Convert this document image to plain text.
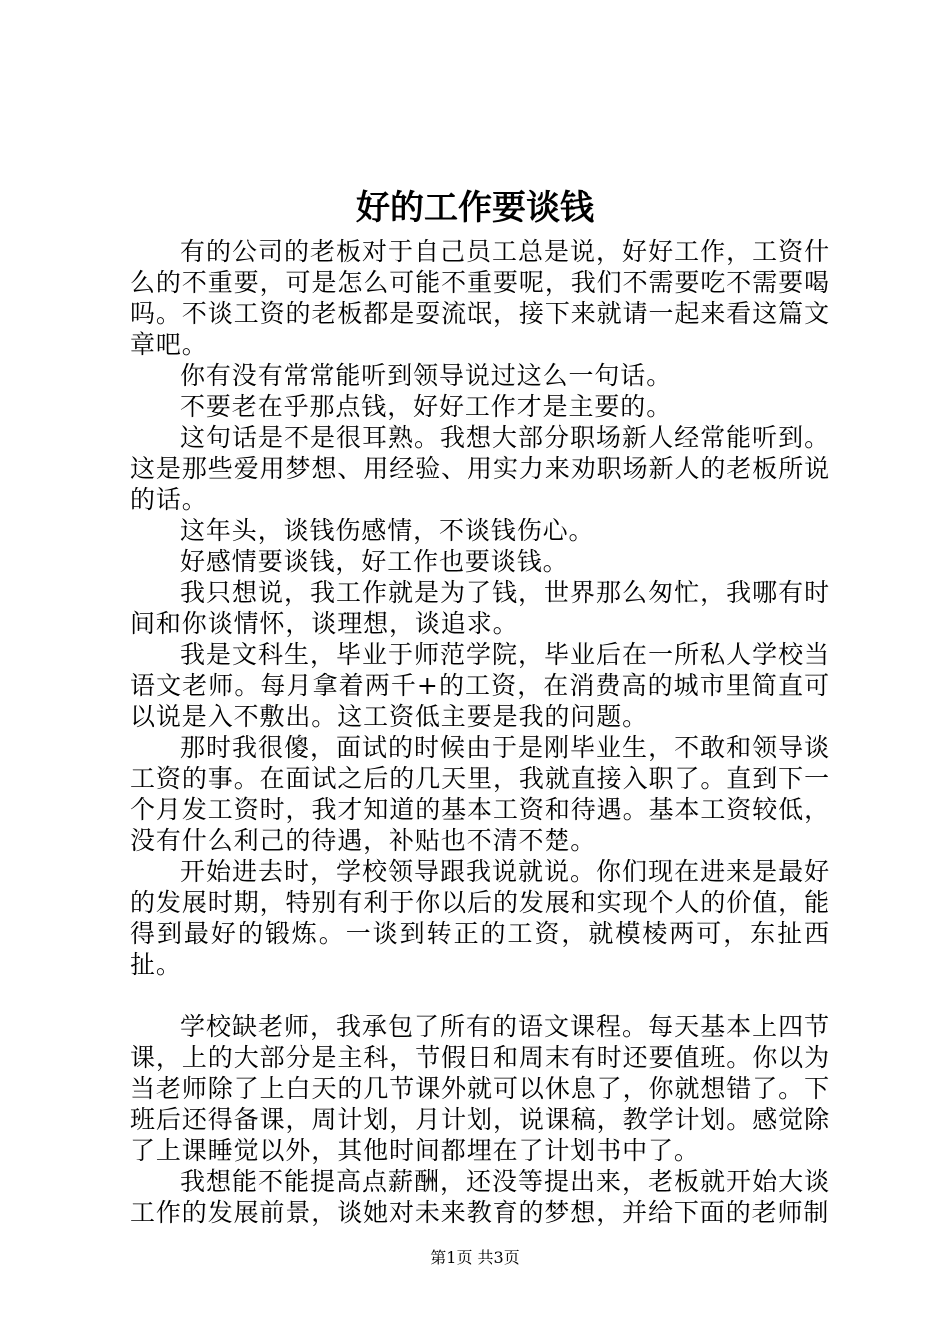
好的工作要谈钱

有的公司的老板对于自己员工总是说，好好工作，工资什么的不重要，可是怎么可能不重要呢，我们不需要吃不需要喝吗。不谈工资的老板都是耍流氓，接下来就请一起来看这篇文章吧。

你有没有常常能听到领导说过这么一句话。

不要老在乎那点钱，好好工作才是主要的。

这句话是不是很耳熟。我想大部分职场新人经常能听到。这是那些爱用梦想、用经验、用实力来劝职场新人的老板所说的话。

这年头，谈钱伤感情，不谈钱伤心。

好感情要谈钱，好工作也要谈钱。

我只想说，我工作就是为了钱，世界那么匆忙，我哪有时间和你谈情怀，谈理想，谈追求。

我是文科生，毕业于师范学院，毕业后在一所私人学校当语文老师。每月拿着两千+的工资，在消费高的城市里简直可以说是入不敷出。这工资低主要是我的问题。

那时我很傻，面试的时候由于是刚毕业生，不敢和领导谈工资的事。在面试之后的几天里，我就直接入职了。直到下一个月发工资时，我才知道的基本工资和待遇。基本工资较低，没有什么利己的待遇，补贴也不清不楚。

开始进去时，学校领导跟我说就说。你们现在进来是最好的发展时期，特别有利于你以后的发展和实现个人的价值，能得到最好的锻炼。一谈到转正的工资，就模棱两可，东扯西扯。

学校缺老师，我承包了所有的语文课程。每天基本上四节课，上的大部分是主科，节假日和周末有时还要值班。你以为当老师除了上白天的几节课外就可以休息了，你就想错了。下班后还得备课，周计划，月计划，说课稿，教学计划。感觉除了上课睡觉以外，其他时间都埋在了计划书中了。

我想能不能提高点薪酬，还没等提出来，老板就开始大谈工作的发展前景，谈她对未来教育的梦想，并给下面的老师制

第1页 共3页
